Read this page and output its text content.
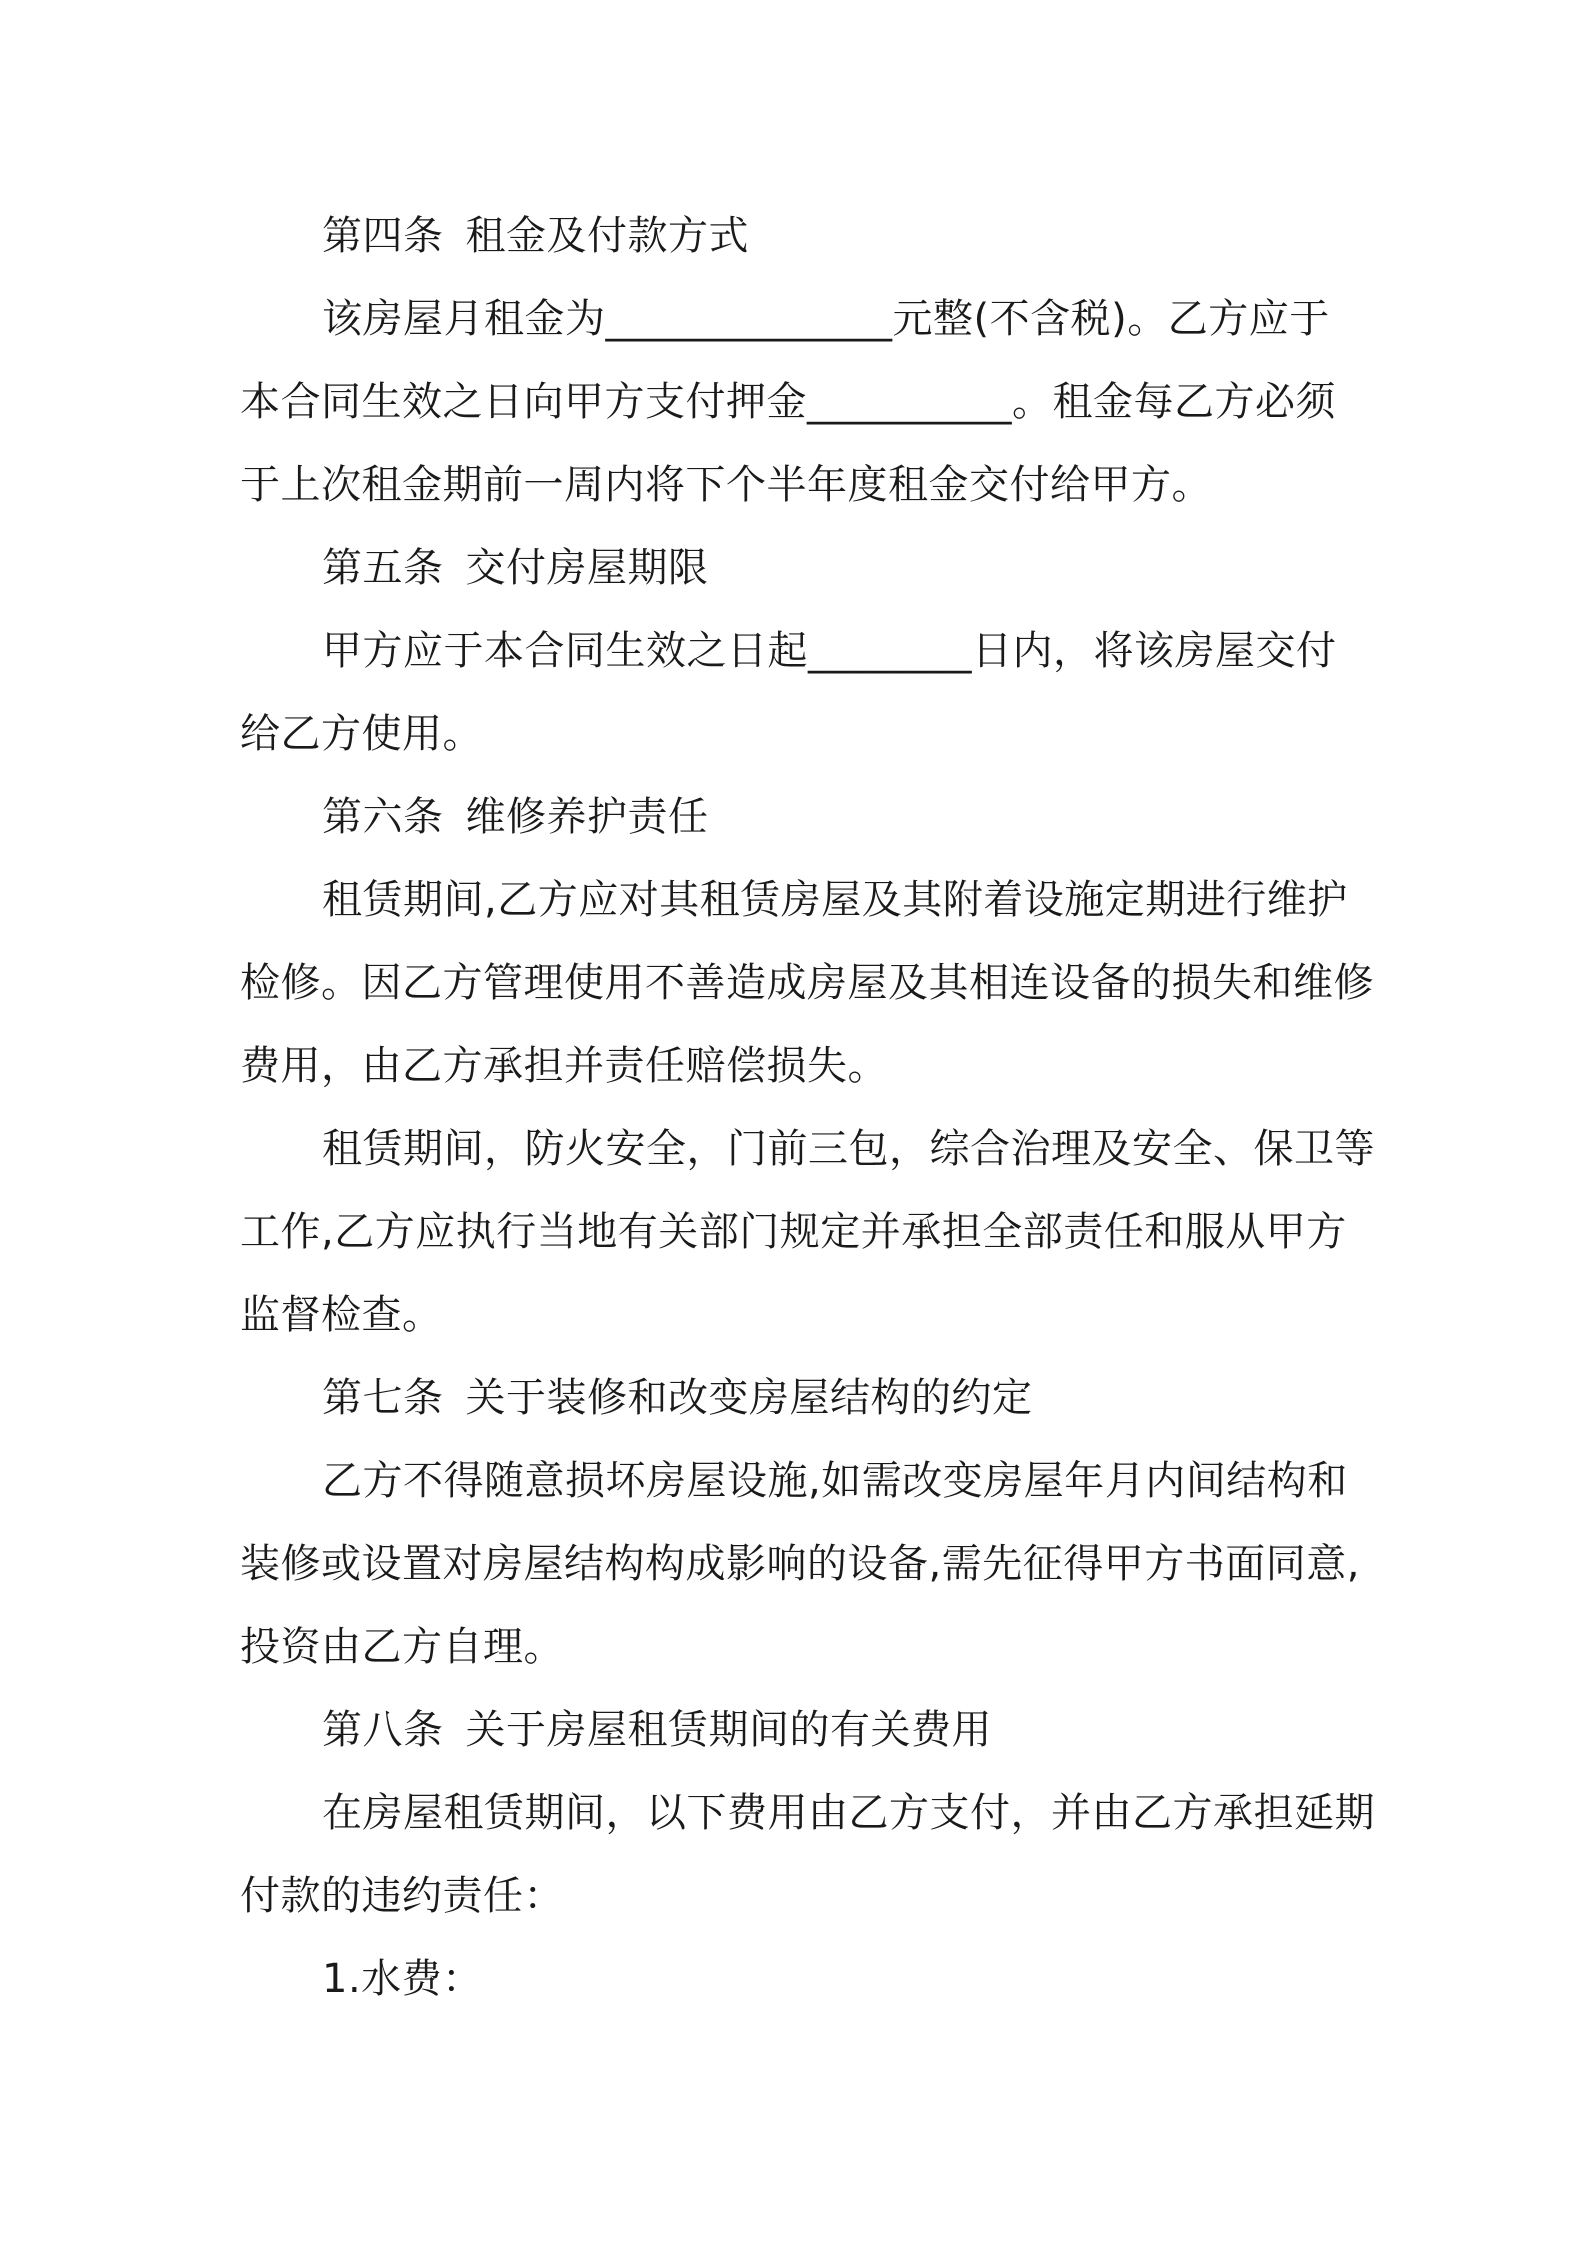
第四条 租金及付款方式
该房屋月租金为______________元整(不含税)。乙方应于
本合同生效之日向甲方支付押金__________。租金每乙方必须
于上次租金期前一周内将下个半年度租金交付给甲方。
第五条 交付房屋期限
甲方应于本合同生效之日起________日内，将该房屋交付
给乙方使用。
第六条 维修养护责任
租赁期间,乙方应对其租赁房屋及其附着设施定期进行维护
检修。因乙方管理使用不善造成房屋及其相连设备的损失和维修
费用，由乙方承担并责任赔偿损失。
租赁期间，防火安全，门前三包，综合治理及安全、保卫等
工作,乙方应执行当地有关部门规定并承担全部责任和服从甲方
监督检查。
第七条 关于装修和改变房屋结构的约定
乙方不得随意损坏房屋设施,如需改变房屋年月内间结构和
装修或设置对房屋结构构成影响的设备,需先征得甲方书面同意,
投资由乙方自理。
第八条 关于房屋租赁期间的有关费用
在房屋租赁期间，以下费用由乙方支付，并由乙方承担延期
付款的违约责任：
1.水费：
